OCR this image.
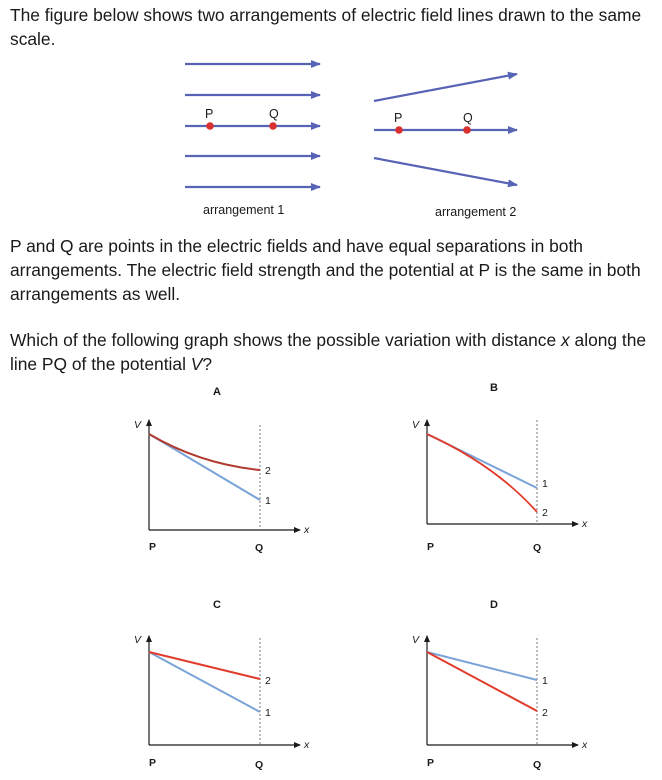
The figure below shows two arrangements of electric field lines drawn to the same scale.
P	Q
arrangement 1
P	Q
arrangement 2
P and Q are points in the electric fields and have equal separations in both arrangements. The electric field strength and the potential at P is the same in both arrangements as well.
Which of the following graph shows the possible variation with distance x along the line PQ of the potential V?
A
V
x
P	Q
2
1
B
V
x
P	Q
1
2
C
V
x
P	Q
2
1
D
V
x
P	Q
1
2
